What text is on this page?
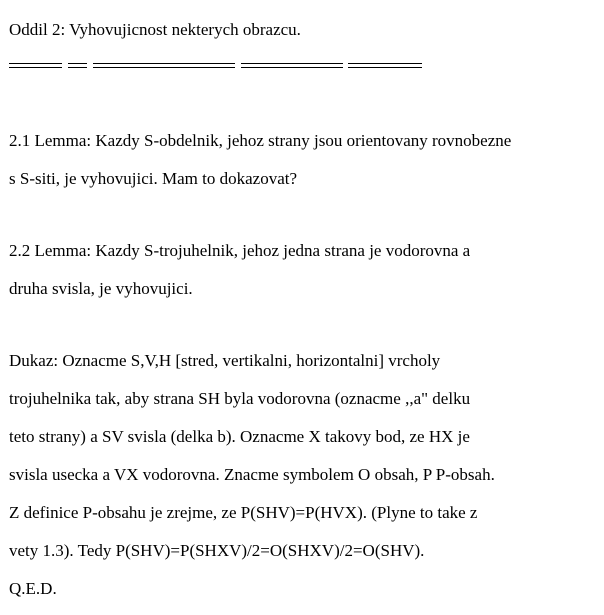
Oddil 2: Vyhovujicnost nekterych obrazcu.
2.1 Lemma: Kazdy S-obdelnik, jehoz strany jsou orientovany rovnobezne
s S-siti, je vyhovujici. Mam to dokazovat?
2.2 Lemma: Kazdy S-trojuhelnik, jehoz jedna strana je vodorovna a
druha svisla, je vyhovujici.
Dukaz: Oznacme S,V,H [stred, vertikalni, horizontalni] vrcholy
trojuhelnika tak, aby strana SH byla vodorovna (oznacme ,,a" delku
teto strany) a SV svisla (delka b). Oznacme X takovy bod, ze HX je
svisla usecka a VX vodorovna. Znacme symbolem O obsah, P P-obsah.
Z definice P-obsahu je zrejme, ze P(SHV)=P(HVX). (Plyne to take z
vety 1.3). Tedy P(SHV)=P(SHXV)/2=O(SHXV)/2=O(SHV).
Q.E.D.
